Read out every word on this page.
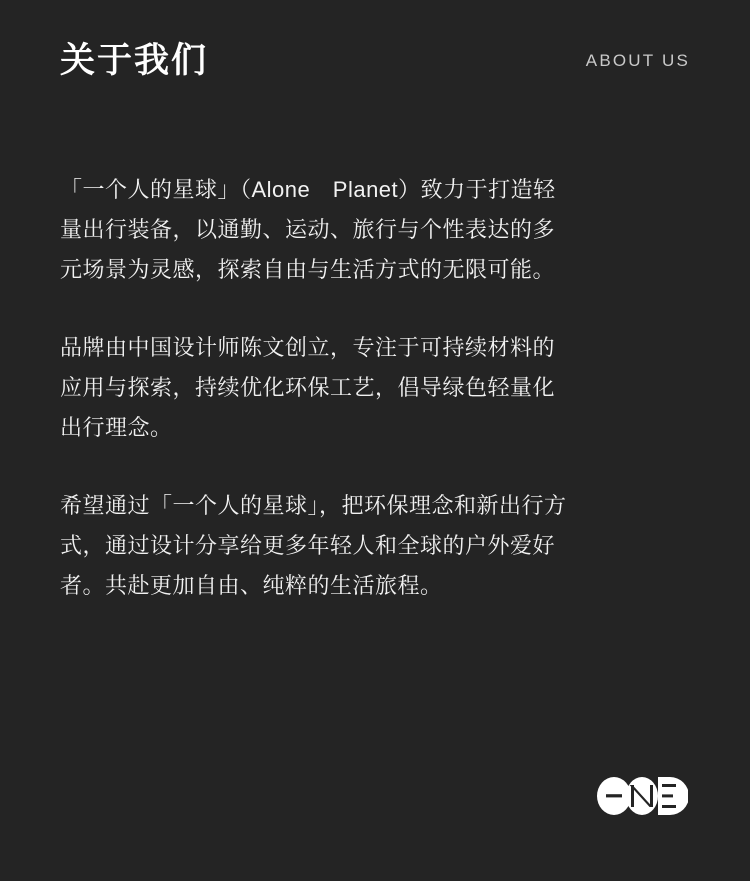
关于我们	ABOUT US

「一个人的星球」（Alone　Planet）致力于打造轻量出行装备，以通勤、运动、旅行与个性表达的多元场景为灵感，探索自由与生活方式的无限可能。

品牌由中国设计师陈文创立，专注于可持续材料的应用与探索，持续优化环保工艺，倡导绿色轻量化出行理念。

希望通过「一个人的星球」，把环保理念和新出行方式，通过设计分享给更多年轻人和全球的户外爱好者。共赴更加自由、纯粹的生活旅程。
